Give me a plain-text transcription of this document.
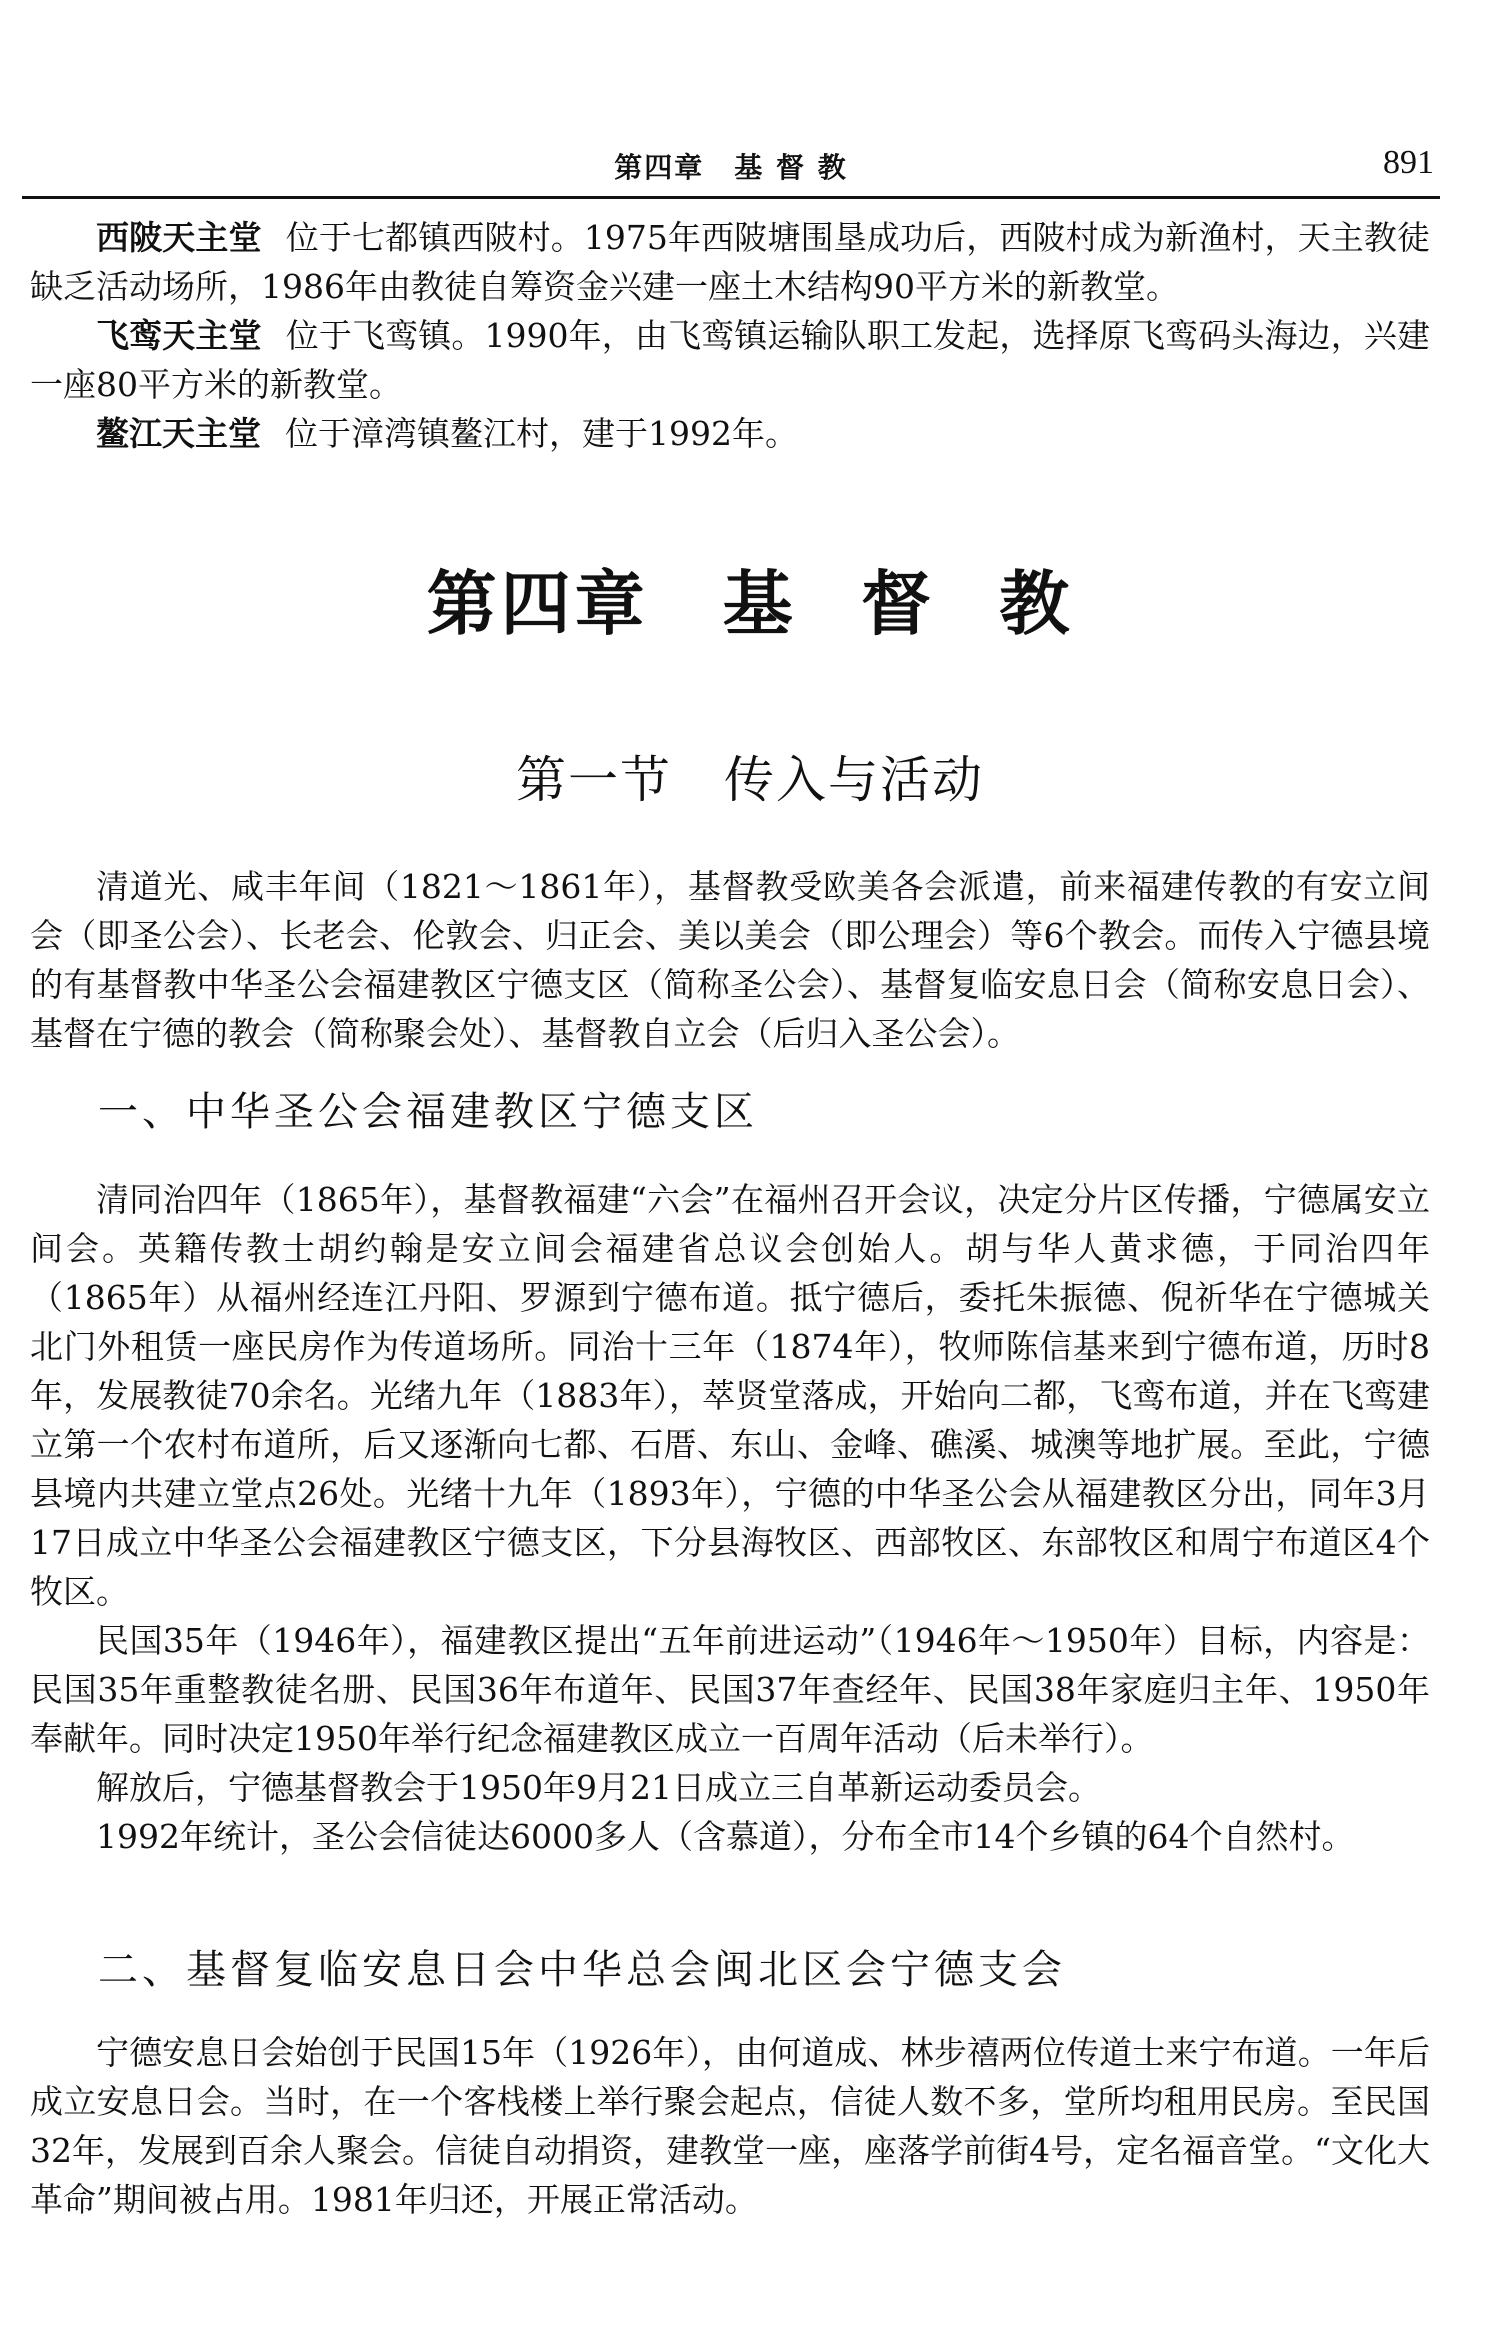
第四章　基 督 教	891

西陂天主堂 位于七都镇西陂村。1975年西陂塘围垦成功后，西陂村成为新渔村，天主教徒缺乏活动场所，1986年由教徒自筹资金兴建一座土木结构90平方米的新教堂。

飞鸾天主堂 位于飞鸾镇。1990年，由飞鸾镇运输队职工发起，选择原飞鸾码头海边，兴建一座80平方米的新教堂。

鳌江天主堂 位于漳湾镇鳌江村，建于1992年。

第四章　基 督 教
第一节　传入与活动

清道光、咸丰年间（1821～1861年），基督教受欧美各会派遣，前来福建传教的有安立间会（即圣公会）、长老会、伦敦会、归正会、美以美会（即公理会）等6个教会。而传入宁德县境的有基督教中华圣公会福建教区宁德支区（简称圣公会）、基督复临安息日会（简称安息日会）、基督在宁德的教会（简称聚会处）、基督教自立会（后归入圣公会）。

一、中华圣公会福建教区宁德支区

清同治四年（1865年），基督教福建“六会”在福州召开会议，决定分片区传播，宁德属安立间会。英籍传教士胡约翰是安立间会福建省总议会创始人。胡与华人黄求德，于同治四年（1865年）从福州经连江丹阳、罗源到宁德布道。抵宁德后，委托朱振德、倪祈华在宁德城关北门外租赁一座民房作为传道场所。同治十三年（1874年），牧师陈信基来到宁德布道，历时8年，发展教徒70余名。光绪九年（1883年），萃贤堂落成，开始向二都，飞鸾布道，并在飞鸾建立第一个农村布道所，后又逐渐向七都、石厝、东山、金峰、礁溪、城澳等地扩展。至此，宁德县境内共建立堂点26处。光绪十九年（1893年），宁德的中华圣公会从福建教区分出，同年3月17日成立中华圣公会福建教区宁德支区，下分县海牧区、西部牧区、东部牧区和周宁布道区4个牧区。

民国35年（1946年），福建教区提出“五年前进运动”（1946年～1950年）目标，内容是：民国35年重整教徒名册、民国36年布道年、民国37年查经年、民国38年家庭归主年、1950年奉献年。同时决定1950年举行纪念福建教区成立一百周年活动（后未举行）。

解放后，宁德基督教会于1950年9月21日成立三自革新运动委员会。

1992年统计，圣公会信徒达6000多人（含慕道），分布全市14个乡镇的64个自然村。

二、基督复临安息日会中华总会闽北区会宁德支会

宁德安息日会始创于民国15年（1926年），由何道成、林步禧两位传道士来宁布道。一年后成立安息日会。当时，在一个客栈楼上举行聚会起点，信徒人数不多，堂所均租用民房。至民国32年，发展到百余人聚会。信徒自动捐资，建教堂一座，座落学前街4号，定名福音堂。“文化大革命”期间被占用。1981年归还，开展正常活动。
